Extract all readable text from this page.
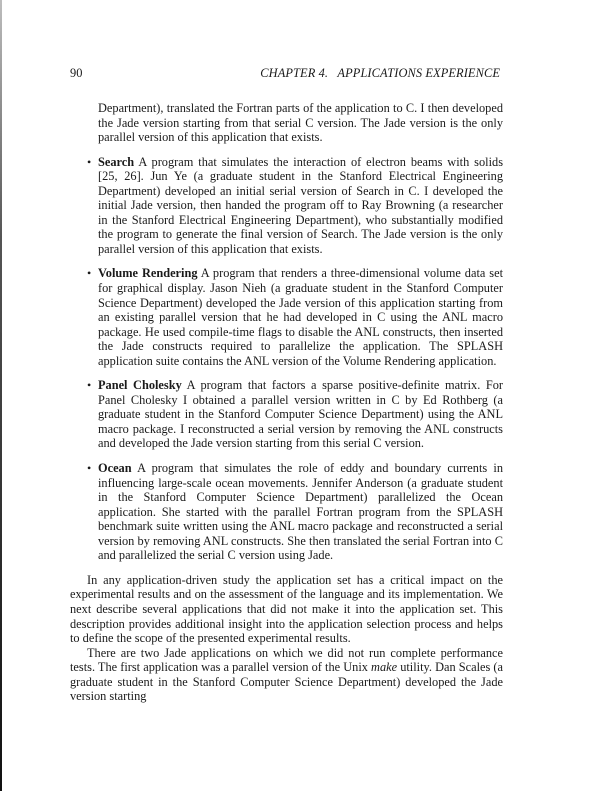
90	CHAPTER 4.   APPLICATIONS EXPERIENCE

Department), translated the Fortran parts of the application to C. I then developed the Jade version starting from that serial C version. The Jade version is the only parallel version of this application that exists.

• Search A program that simulates the interaction of electron beams with solids [25, 26]. Jun Ye (a graduate student in the Stanford Electrical Engineering Department) developed an initial serial version of Search in C. I developed the initial Jade version, then handed the program off to Ray Browning (a researcher in the Stanford Electrical Engineering Department), who substantially modified the program to generate the final version of Search. The Jade version is the only parallel version of this application that exists.
• Volume Rendering A program that renders a three-dimensional volume data set for graphical display. Jason Nieh (a graduate student in the Stanford Computer Science Department) developed the Jade version of this application starting from an existing parallel version that he had developed in C using the ANL macro package. He used compile-time flags to disable the ANL constructs, then inserted the Jade constructs required to parallelize the application. The SPLASH application suite contains the ANL version of the Volume Rendering application.
• Panel Cholesky A program that factors a sparse positive-definite matrix. For Panel Cholesky I obtained a parallel version written in C by Ed Rothberg (a graduate student in the Stanford Computer Science Department) using the ANL macro package. I reconstructed a serial version by removing the ANL constructs and developed the Jade version starting from this serial C version.
• Ocean A program that simulates the role of eddy and boundary currents in influencing large-scale ocean movements. Jennifer Anderson (a graduate student in the Stanford Computer Science Department) parallelized the Ocean application. She started with the parallel Fortran program from the SPLASH benchmark suite written using the ANL macro package and reconstructed a serial version by removing ANL constructs. She then translated the serial Fortran into C and parallelized the serial C version using Jade.

In any application-driven study the application set has a critical impact on the experimental results and on the assessment of the language and its implementation. We next describe several applications that did not make it into the application set. This description provides additional insight into the application selection process and helps to define the scope of the presented experimental results.

There are two Jade applications on which we did not run complete performance tests. The first application was a parallel version of the Unix make utility. Dan Scales (a graduate student in the Stanford Computer Science Department) developed the Jade version starting
